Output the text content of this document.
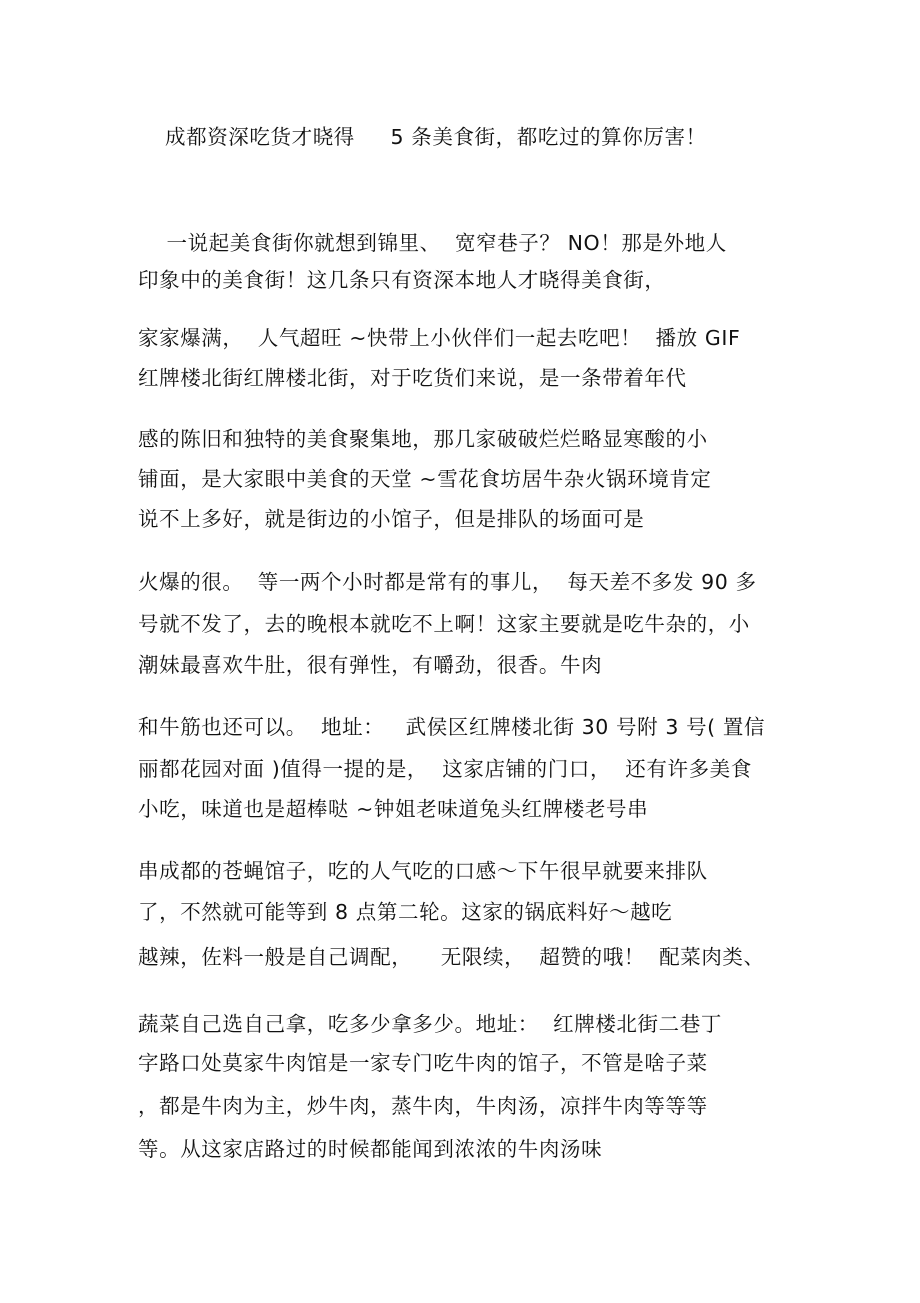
成都资深吃货才晓得     5 条美食街，都吃过的算你厉害！
一说起美食街你就想到锦里、  宽窄巷子？ NO！那是外地人
印象中的美食街！这几条只有资深本地人才晓得美食街，
家家爆满，  人气超旺 ~快带上小伙伴们一起去吃吧！  播放 GIF
红牌楼北街红牌楼北街，对于吃货们来说，是一条带着年代
感的陈旧和独特的美食聚集地，那几家破破烂烂略显寒酸的小
铺面，是大家眼中美食的天堂 ~雪花食坊居牛杂火锅环境肯定
说不上多好，就是街边的小馆子，但是排队的场面可是
火爆的很。  等一两个小时都是常有的事儿，  每天差不多发 90 多
号就不发了，去的晚根本就吃不上啊！这家主要就是吃牛杂的，小
潮妹最喜欢牛肚，很有弹性，有嚼劲，很香。牛肉
和牛筋也还可以。  地址：   武侯区红牌楼北街 30 号附 3 号( 置信
丽都花园对面 )值得一提的是，  这家店铺的门口，  还有许多美食
小吃，味道也是超棒哒 ~钟姐老味道兔头红牌楼老号串
串成都的苍蝇馆子，吃的人气吃的口感～下午很早就要来排队
了，不然就可能等到 8 点第二轮。这家的锅底料好～越吃
越辣，佐料一般是自己调配，    无限续，  超赞的哦！  配菜肉类、
蔬菜自己选自己拿，吃多少拿多少。地址：  红牌楼北街二巷丁
字路口处莫家牛肉馆是一家专门吃牛肉的馆子，不管是啥子菜
，都是牛肉为主，炒牛肉，蒸牛肉，牛肉汤，凉拌牛肉等等等
等。从这家店路过的时候都能闻到浓浓的牛肉汤味
